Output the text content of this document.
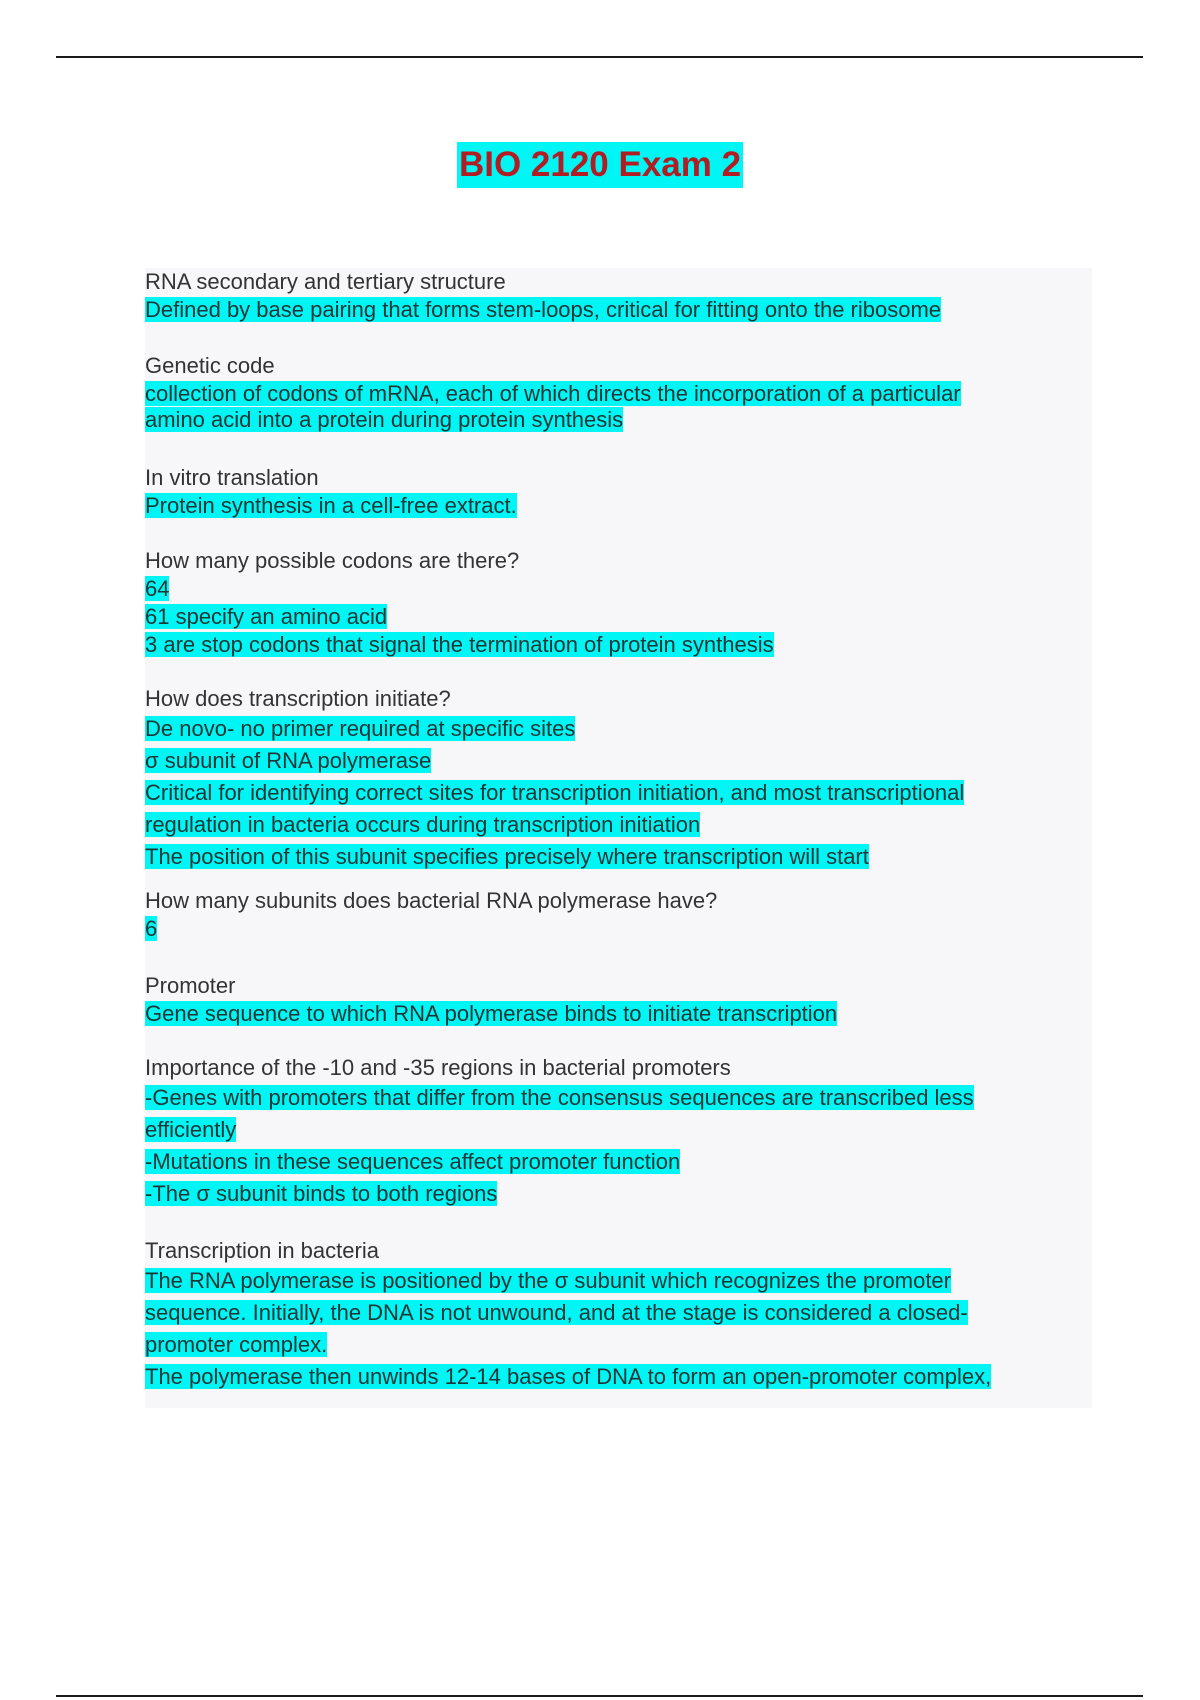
BIO 2120 Exam 2
RNA secondary and tertiary structure
Defined by base pairing that forms stem-loops, critical for fitting onto the ribosome
Genetic code
collection of codons of mRNA, each of which directs the incorporation of a particular
amino acid into a protein during protein synthesis
In vitro translation
Protein synthesis in a cell-free extract.
How many possible codons are there?
64
61 specify an amino acid
3 are stop codons that signal the termination of protein synthesis
How does transcription initiate?
De novo- no primer required at specific sites
σ subunit of RNA polymerase
Critical for identifying correct sites for transcription initiation, and most transcriptional
regulation in bacteria occurs during transcription initiation
The position of this subunit specifies precisely where transcription will start
How many subunits does bacterial RNA polymerase have?
6
Promoter
Gene sequence to which RNA polymerase binds to initiate transcription
Importance of the -10 and -35 regions in bacterial promoters
-Genes with promoters that differ from the consensus sequences are transcribed less
efficiently
-Mutations in these sequences affect promoter function
-The σ subunit binds to both regions
Transcription in bacteria
The RNA polymerase is positioned by the σ subunit which recognizes the promoter
sequence. Initially, the DNA is not unwound, and at the stage is considered a closed-
promoter complex.
The polymerase then unwinds 12-14 bases of DNA to form an open-promoter complex,
